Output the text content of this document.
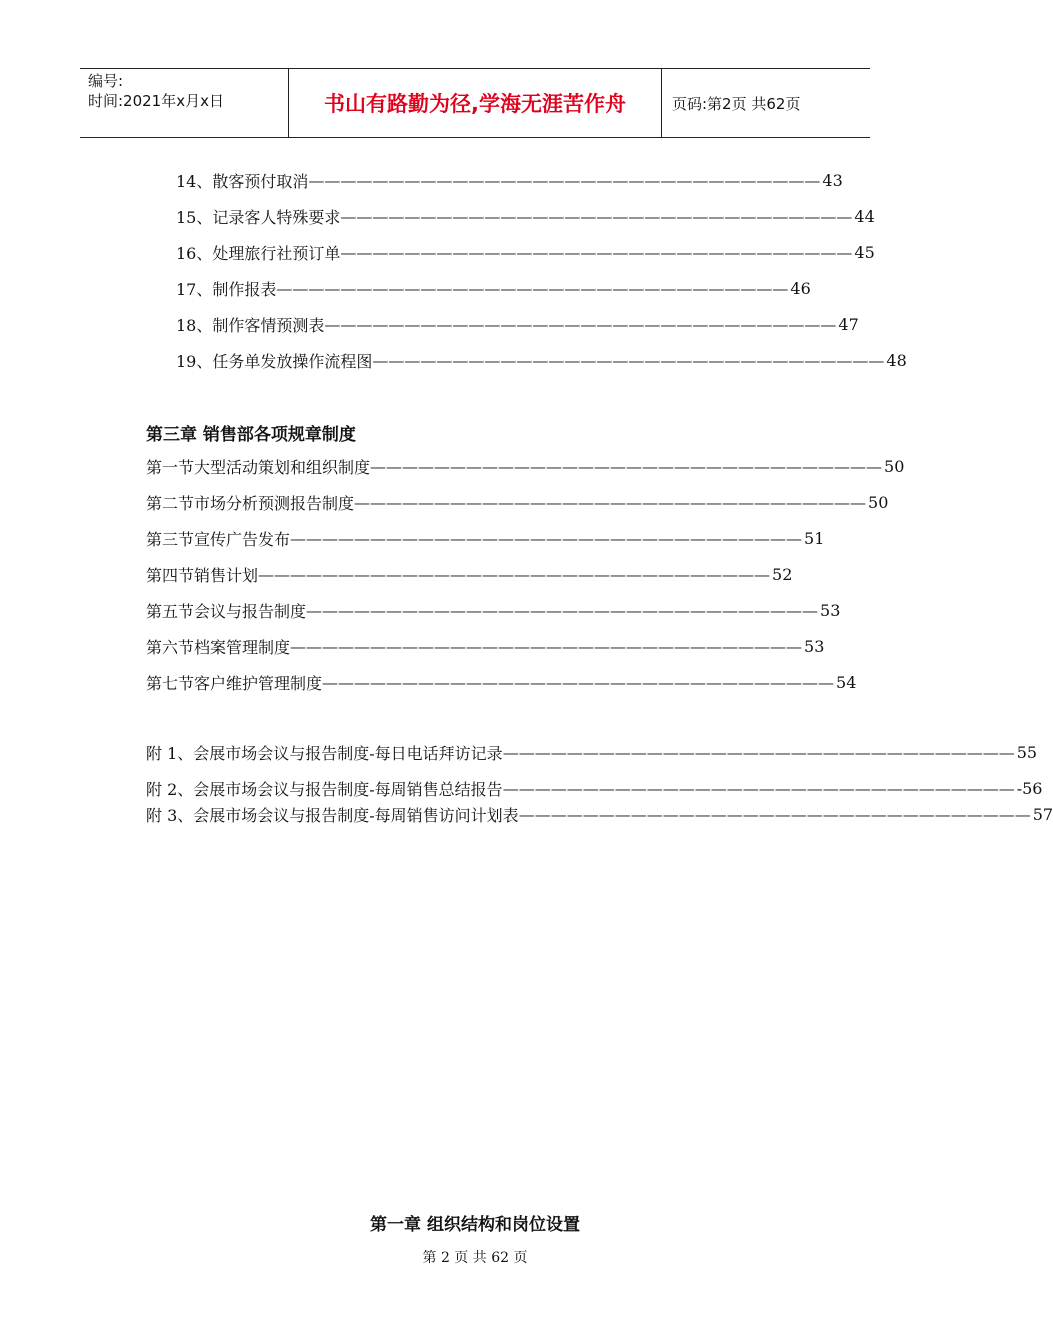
编号:
时间:2021年x月x日	书山有路勤为径,学海无涯苦作舟	页码:第2页 共62页
14、 散客预付取消 ———————————————————————————————— 43
15、 记录客人特殊要求 ———————————————————————————————— 44
16、 处理旅行社预订单 ———————————————————————————————— 45
17、 制作报表 ———————————————————————————————— 46
18、 制作客情预测表 ———————————————————————————————— 47
19、 任务单发放操作流程图 ———————————————————————————————— 48
第三章 销售部各项规章制度
第一节 大型活动策划和组织制度 ———————————————————————————————— 50
第二节 市场分析预测报告制度 ———————————————————————————————— 50
第三节 宣传广告发布 ———————————————————————————————— 51
第四节 销售计划 ———————————————————————————————— 52
第五节 会议与报告制度 ———————————————————————————————— 53
第六节 档案管理制度 ———————————————————————————————— 53
第七节 客户维护管理制度 ———————————————————————————————— 54
附 1、会展市场会议与报告制度-每日电话拜访记录 ———————————————————————————————— 55
附 2、会展市场会议与报告制度-每周销售总结报告 ———————————————————————————————— -56
附 3、会展市场会议与报告制度-每周销售访问计划表 ———————————————————————————————— 57
第一章 组织结构和岗位设置
第 2 页 共 62 页
